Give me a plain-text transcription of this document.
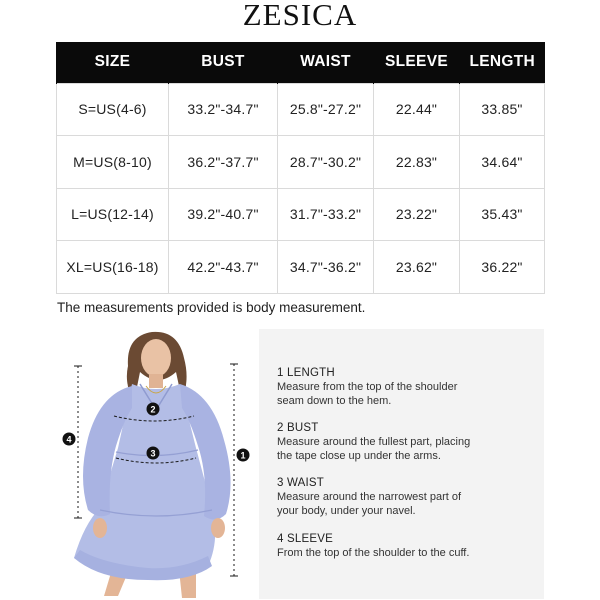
ZESICA
SIZE	BUST	WAIST	SLEEVE	LENGTH
S=US(4-6)	33.2"-34.7"	25.8"-27.2"	22.44"	33.85"
M=US(8-10)	36.2"-37.7"	28.7"-30.2"	22.83"	34.64"
L=US(12-14)	39.2"-40.7"	31.7"-33.2"	23.22"	35.43"
XL=US(16-18)	42.2"-43.7"	34.7"-36.2"	23.62"	36.22"
The measurements provided is body measurement.
2
3	1
4
1 LENGTH
Measure from the top of the shoulder
seam down to the hem.
2 BUST
Measure around the fullest part, placing
the tape close up under the arms.
3 WAIST
Measure around the narrowest part of
your body, under your navel.
4 SLEEVE
From the top of the shoulder to the cuff.
